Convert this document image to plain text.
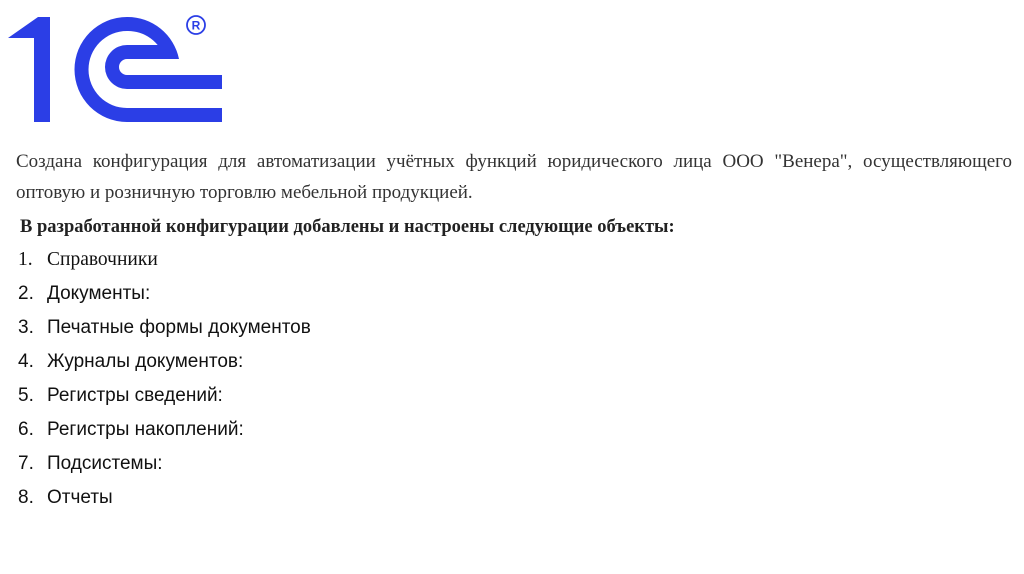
R

Создана конфигурация для автоматизации учётных функций юридического лица ООО "Венера", осуществляющего оптовую и розничную торговлю мебельной продукцией.

В разработанной конфигурации добавлены и настроены следующие объекты:

1. Справочники
2. Документы:
3. Печатные формы документов
4. Журналы документов:
5. Регистры сведений:
6. Регистры накоплений:
7. Подсистемы:
8. Отчеты
